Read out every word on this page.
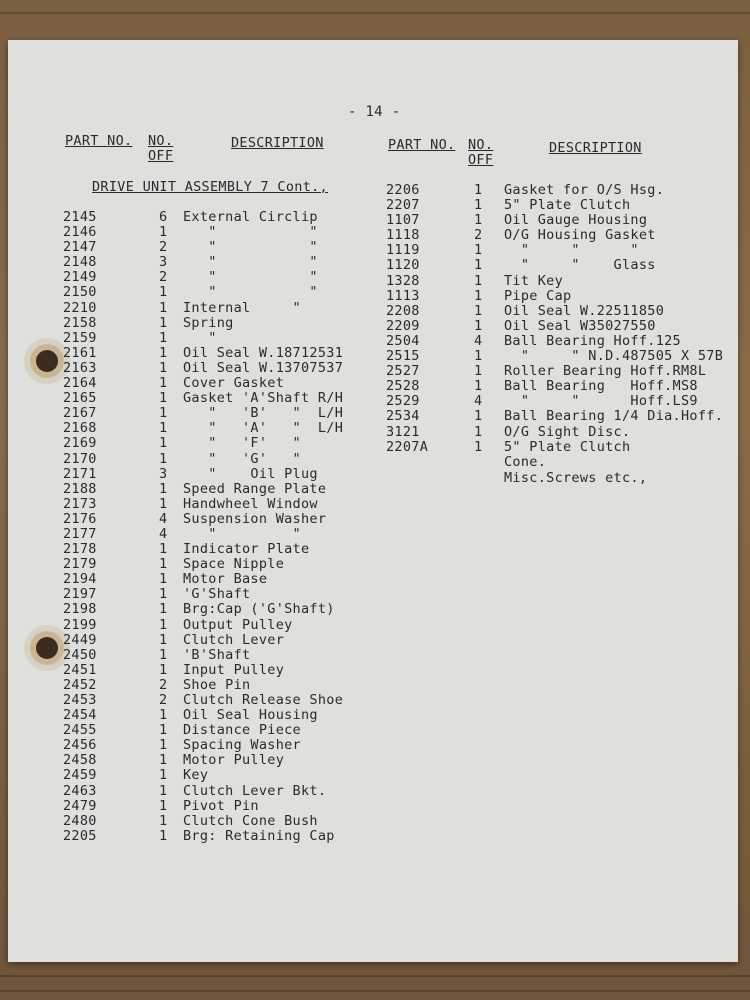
- 14 -
PART NO. NO.
OFF
DESCRIPTION	PART NO. NO.
OFF
DESCRIPTION
DRIVE UNIT ASSEMBLY 7 Cont.,
2145	6 External Circlip
2146	1 "           "
2147	2 "           "
2148	3 "           "
2149	2 "           "
2150	1 "           "
2210	1 Internal     "
2158	1 Spring
2159	1 "
2161	1 Oil Seal W.18712531
2163	1 Oil Seal W.13707537
2164	1 Cover Gasket
2165	1 Gasket 'A'Shaft R/H
2167	1 "   'B'   "  L/H
2168	1 "   'A'   "  L/H
2169	1 "   'F'   "
2170	1 "   'G'   "
2171	3 "    Oil Plug
2188	1 Speed Range Plate
2173	1 Handwheel Window
2176	4 Suspension Washer
2177	4 "         "
2178	1 Indicator Plate
2179	1 Space Nipple
2194	1 Motor Base
2197	1 'G'Shaft
2198	1 Brg:Cap ('G'Shaft)
2199	1 Output Pulley
2449	1 Clutch Lever
2450	1 'B'Shaft
2451	1 Input Pulley
2452	2 Shoe Pin
2453	2 Clutch Release Shoe
2454	1 Oil Seal Housing
2455	1 Distance Piece
2456	1 Spacing Washer
2458	1 Motor Pulley
2459	1 Key
2463	1 Clutch Lever Bkt.
2479	1 Pivot Pin
2480	1 Clutch Cone Bush
2205	1 Brg: Retaining Cap
2206	1 Gasket for O/S Hsg.
2207	1 5" Plate Clutch
1107	1 Oil Gauge Housing
1118	2 O/G Housing Gasket
1119	1 "     "      "
1120	1 "     "    Glass
1328	1 Tit Key
1113	1 Pipe Cap
2208	1 Oil Seal W.22511850
2209	1 Oil Seal W35027550
2504	4 Ball Bearing Hoff.125
2515	1 "     " N.D.487505 X 57B
2527	1 Roller Bearing Hoff.RM8L
2528	1 Ball Bearing   Hoff.MS8
2529	4 "     "      Hoff.LS9
2534	1 Ball Bearing 1/4 Dia.Hoff.
3121	1 O/G Sight Disc.
2207A	1 5" Plate Clutch
Cone.
Misc.Screws etc.,
